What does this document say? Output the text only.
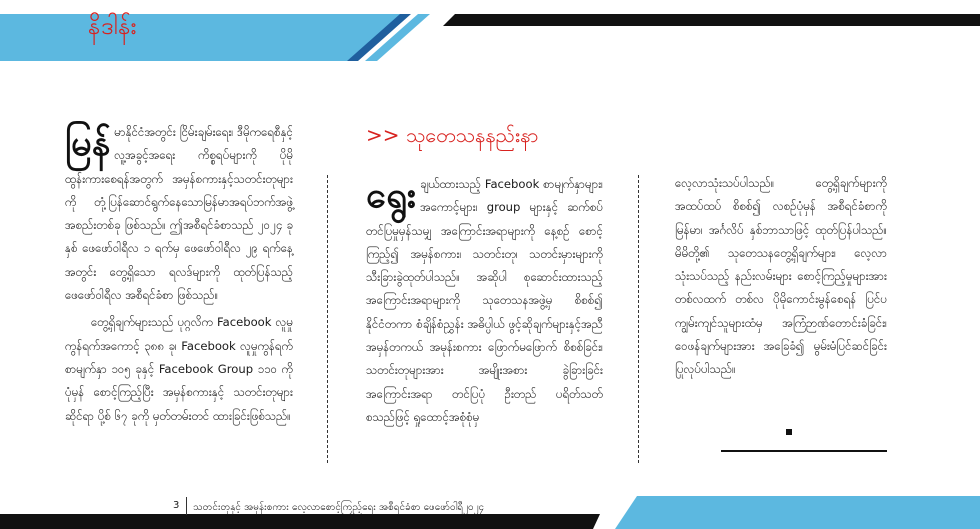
နိဒါန်း

မြန် မာနိုင်ငံအတွင်း ငြိမ်းချမ်းရေး၊ ဒီမိုကရေစီနှင့် လူ့အခွင့်အရေး ကိစ္စရပ်များကို ပိုမိုထွန်းကားစေရန်အတွက် အမှန်စကားနှင့်သတင်းတုများကို တုံ့ပြန်ဆောင်ရွက်နေသောမြန်မာအရပ်ဘက်အဖွဲ့အစည်းတစ်ခု ဖြစ်သည်။ ဤအစီရင်ခံစာသည် ၂၀၂၄ ခုနှစ် ဖေဖော်ဝါရီလ ၁ ရက်မှ ဖေဖော်ဝါရီလ ၂၉ ရက်နေ့အတွင်း တွေ့ရှိသော ရလဒ်များကို ထုတ်ပြန်သည့် ဖေဖော်ဝါရီလ အစီရင်ခံစာ ဖြစ်သည်။

တွေ့ရှိချက်များသည် ပုဂ္ဂလိက Facebook လူမှုကွန်ရက်အကောင့် ၃၈၈ ခု၊ Facebook လူမှုကွန်ရက် စာမျက်နှာ ၁၀၅ ခုနှင့် Facebook Group ၁၁၀ ကို ပုံမှန် စောင့်ကြည့်ပြီး အမှန်စကားနှင့် သတင်းတုများ ဆိုင်ရာ ပို့စ် ၆၇ ခုကို မှတ်တမ်းတင် ထားခြင်းဖြစ်သည်။

>> သုတေသနနည်းနာ

ရွေး ချယ်ထားသည့် Facebook စာမျက်နှာများ၊ အကောင့်များ၊ group များနှင့် ဆက်စပ်တင်ပြမှုမှန်သမျှ အကြောင်းအရာများကို နေ့စဉ် စောင့်ကြည့်၍ အမှန်စကား၊ သတင်းတု၊ သတင်းမှားများကို သီးခြားခွဲထုတ်ပါသည်။ အဆိုပါ စုဆောင်းထားသည့် အကြောင်းအရာများကို သုတေသနအဖွဲ့မှ စိစစ်၍ နိုင်ငံတကာ စံချိန်စံညွှန်း အဓိပ္ပါယ် ဖွင့်ဆိုချက်များနှင့်အညီ အမှန်တကယ် အမုန်းစကား ဖြောက်မဖြောက် စိစစ်ခြင်း၊ သတင်းတုများအား အမျိုးအစား ခွဲခြားခြင်း အကြောင်းအရာ တင်ပြပုံ ဦးတည် ပရိတ်သတ် စသည်ဖြင့် ရှုထောင့်အစုံစုံမှ

လေ့လာသုံးသပ်ပါသည်။ တွေ့ရှိချက်များကို အထပ်ထပ် စိစစ်၍ လစဉ်ပုံမှန် အစီရင်ခံစာကို မြန်မာ၊ အင်္ဂလိပ် နှစ်ဘာသာဖြင့် ထုတ်ပြန်ပါသည်။ မိမိတို့၏ သုတေသနတွေ့ရှိချက်များ၊ လေ့လာသုံးသပ်သည့် နည်းလမ်းများ စောင့်ကြည့်မှုများအား တစ်လထက် တစ်လ ပိုမိုကောင်းမွန်စေရန် ပြင်ပကျွမ်းကျင်သူများထံမှ အကြံဉာဏ်တောင်းခံခြင်း၊ ဝေဖန်ချက်များအား အခြေခံ၍ မွမ်းမံပြင်ဆင်ခြင်း ပြုလုပ်ပါသည်။

3 သတင်းတုနှင့် အမုန်းစကား လေ့လာစောင့်ကြည့်ရေး အစီရင်ခံစာ ဖေဖော်ဝါရီ၂၀၂၄
